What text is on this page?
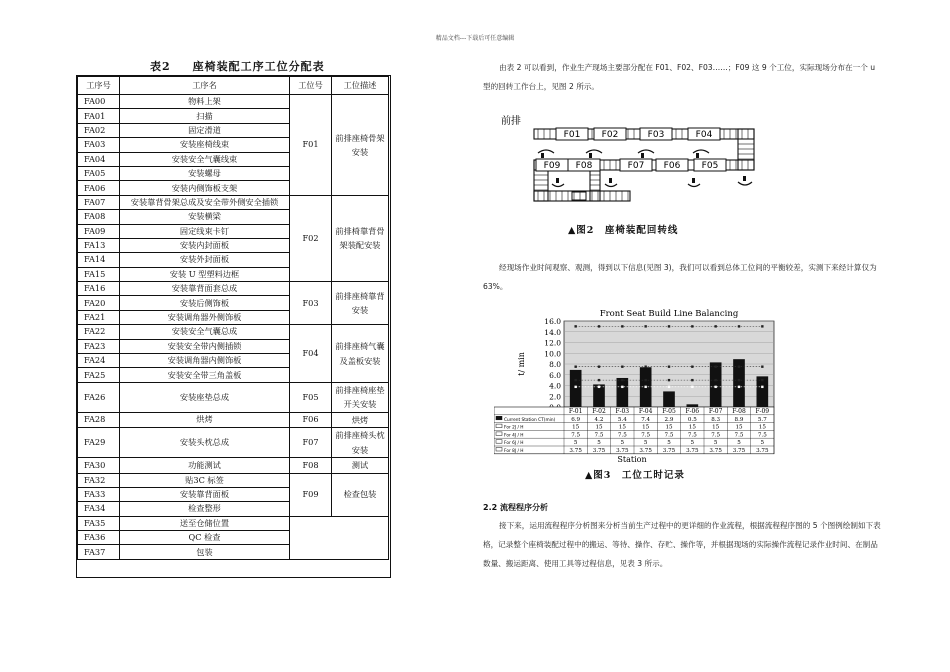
精品文档---下载后可任意编辑
表2 座椅装配工序工位分配表
工序号	工序名	工位号	工位描述
FA00	物料上架	F01	前排座椅骨架安装
FA01	扫描		
FA02	固定滑道		
FA03	安装座椅线束		
FA04	安装安全气囊线束		
FA05	安装螺母		
FA06	安装内侧饰板支架		
FA07	安装靠背骨架总成及安全带外侧安全插锁	F02	前排椅靠背骨架装配安装
FA08	安装横梁		
FA09	固定线束卡钉		
FA13	安装内封面板		
FA14	安装外封面板		
FA15	安装 U 型塑料边框		
FA16	安装靠背面套总成	F03	前排座椅靠背安装
FA20	安装后侧饰板		
FA21	安装调角器外侧饰板		
FA22	安装安全气囊总成	F04	前排座椅气囊及盖板安装
FA23	安装安全带内侧插锁		
FA24	安装调角器内侧饰板		
FA25	安装安全带三角盖板		
FA26	安装座垫总成	F05	前排座椅座垫开关安装
FA28	烘烤	F06	烘烤
FA29	安装头枕总成	F07	前排座椅头枕安装
FA30	功能测试	F08	测试
FA32	贴3C 标签	F09	检查包装
FA33	安装靠背面板		
FA34	检查整形		
FA35	送至仓储位置		
FA36	QC 检查		
FA37	包装		
由表 2 可以看到，作业生产现场主要部分配在 F01、F02、F03……；F09 这 9 个工位，实际现场分布在一个 u 型的回转工作台上，见图 2 所示。
前排
F01 F02	F03	F04
F09 F08	F07 F06 F05
▲图2　座椅装配回转线
经现场作业时间观察、观测，得到以下信息(见图 3)，我们可以看到总体工位间的平衡较差，实测下来经计算仅为 63%。
Front Seat Build Line Balancing
2.0
4.0
6.0
8.0
10.0
12.0
14.0
16.0
t/ min
F-01 F-02 F-03 F-04 F-05 F-06 F-07 F-08 F-09
Current Station CT(min)	6.9	4.2	5.4	7.4	2.9	0.5	8.3	8.9	5.7
For 2J / H	15	15	15	15	15	15	15	15	15
For 4J / H	7.5	7.5	7.5	7.5	7.5	7.5	7.5	7.5	7.5
For 6J / H	5	5	5	5	5	5	5	5	5
For 8J / H	3.75 3.75 3.75 3.75 3.75 3.75 3.75 3.75 3.75
Station
▲图3　工位工时记录
2.2 流程程序分析
接下来，运用流程程序分析图来分析当前生产过程中的更详细的作业流程，根据流程程序图的 5 个图例绘制如下表格，记录整个座椅装配过程中的搬运、等待、操作、存贮、操作等，并根据现场的实际操作流程记录作业时间、在制品数量、搬运距离、使用工具等过程信息，见表 3 所示。
